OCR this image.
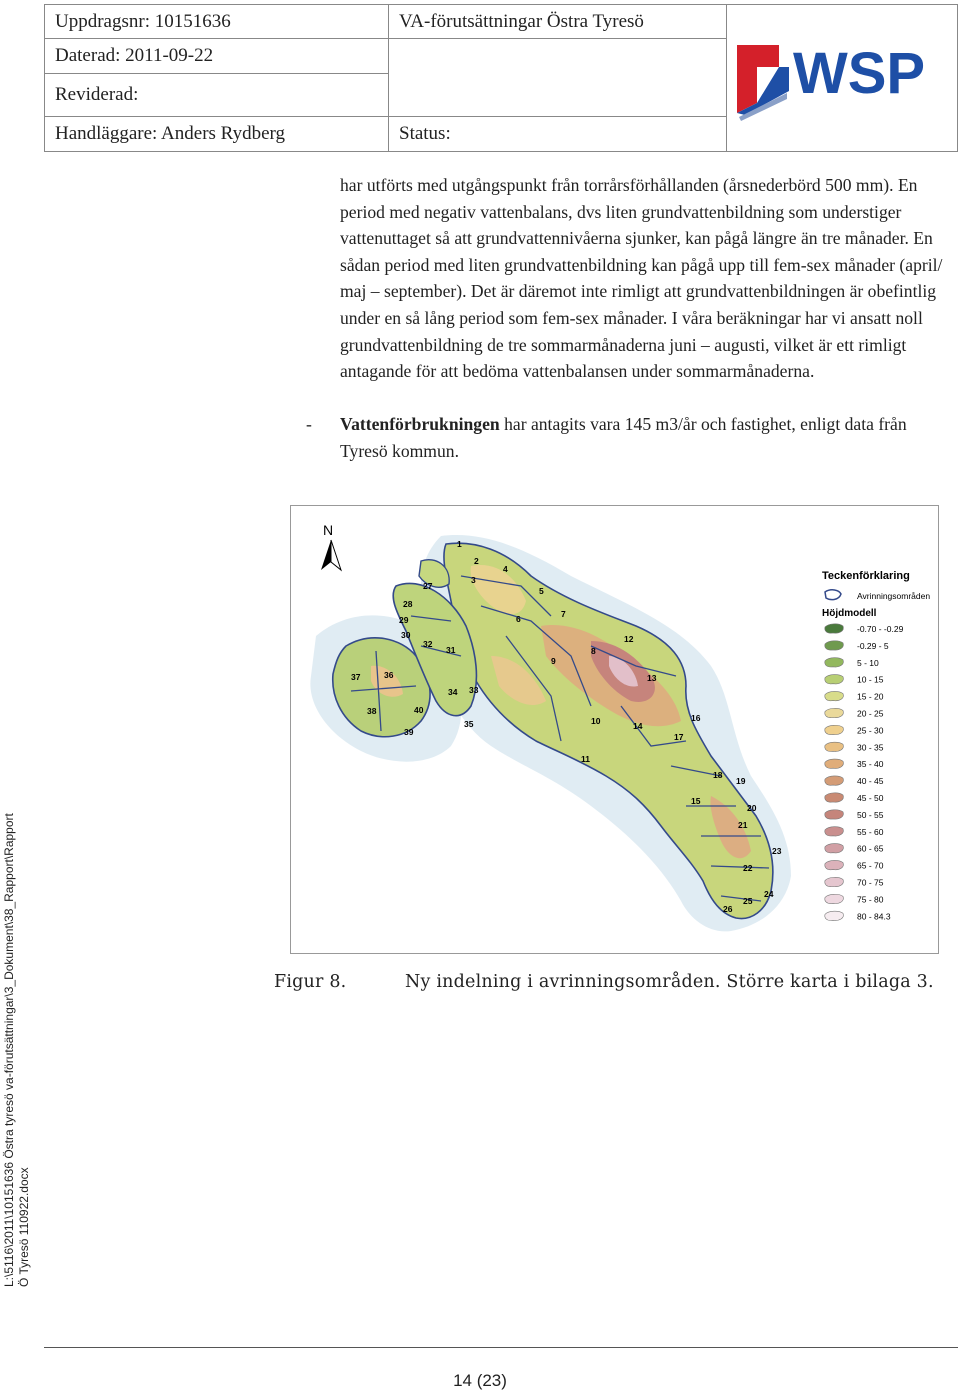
Uppdragsnr: 10151636	VA-förutsättningar Östra Tyresö
Daterad: 2011-09-22
Reviderad:
Handläggare: Anders Rydberg	Status:
WSP

har utförts med utgångspunkt från torrårsförhållanden (årsnederbörd 500 mm). En period med negativ vattenbalans, dvs liten grundvattenbildning som understiger vattenuttaget så att grundvattennivåerna sjunker, kan pågå längre än tre månader. En sådan period med liten grundvattenbildning kan pågå upp till fem-sex månader (april/ maj – september). Det är däremot inte rimligt att grundvattenbildningen är obefintlig under en så lång period som fem-sex månader. I våra beräkningar har vi ansatt noll grundvattenbildning de tre sommarmånaderna juni – augusti, vilket är ett rimligt antagande för att bedöma vattenbalansen under sommarmånaderna.

- Vattenförbrukningen har antagits vara 145 m3/år och fastighet, enligt data från Tyresö kommun.
1
2
3
4
5
6	7
8
9
10
11
12
13
14
15
16
17
18
19
20
21
22
23
24
25
26
27
28
29
30
31
32
33
34
35
36
37
38
39
40
N
Teckenförklaring
Avrinningsområden
Höjdmodell
-0.70 - -0.29
-0.29 - 5
5 - 10
10 - 15
15 - 20
20 - 25
25 - 30
30 - 35
35 - 40
40 - 45
45 - 50
50 - 55
55 - 60
60 - 65
65 - 70
70 - 75
75 - 80
80 - 84.3
Figur 8.	Ny indelning i avrinningsområden. Större karta i bilaga 3.
L:\5116\2011\10151636 Östra tyresö va-förutsättningar\3_Dokument\38_Rapport\Rapport Ö Tyresö 110922.docx
14 (23)
